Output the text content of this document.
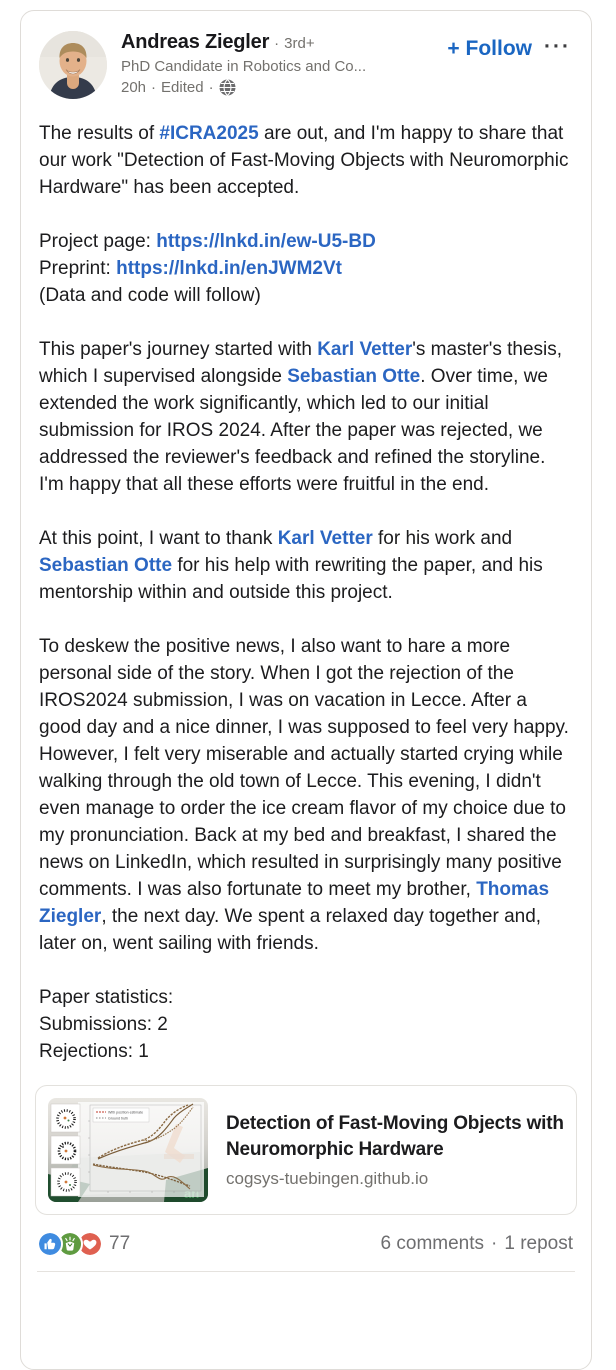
Andreas Ziegler · 3rd+
PhD Candidate in Robotics and Co...
20h · Edited ·
+ Follow ···

The results of #ICRA2025 are out, and I'm happy to share that our work "Detection of Fast-Moving Objects with Neuromorphic Hardware" has been accepted.

Project page: https://lnkd.in/ew-U5-BD
Preprint: https://lnkd.in/enJWM2Vt
(Data and code will follow)

This paper's journey started with Karl Vetter's master's thesis, which I supervised alongside Sebastian Otte. Over time, we extended the work significantly, which led to our initial submission for IROS 2024. After the paper was rejected, we addressed the reviewer's feedback and refined the storyline. I'm happy that all these efforts were fruitful in the end.

At this point, I want to thank Karl Vetter for his work and Sebastian Otte for his help with rewriting the paper, and his mentorship within and outside this project.

To deskew the positive news, I also want to hare a more personal side of the story. When I got the rejection of the IROS2024 submission, I was on vacation in Lecce. After a good day and a nice dinner, I was supposed to feel very happy. However, I felt very miserable and actually started crying while walking through the old town of Lecce. This evening, I didn't even manage to order the ice cream flavor of my choice due to my pronunciation. Back at my bed and breakfast, I shared the news on LinkedIn, which resulted in surprisingly many positive comments. I was also fortunate to meet my brother, Thomas Ziegler, the next day. We spent a relaxed day together and, later on, went sailing with friends.

Paper statistics:
Submissions: 2
Rejections: 1

With position estimate
Ground truth	Detection of Fast-Moving Objects with Neuromorphic Hardware
cogsys-tuebingen.github.io
77	6 comments · 1 repost
